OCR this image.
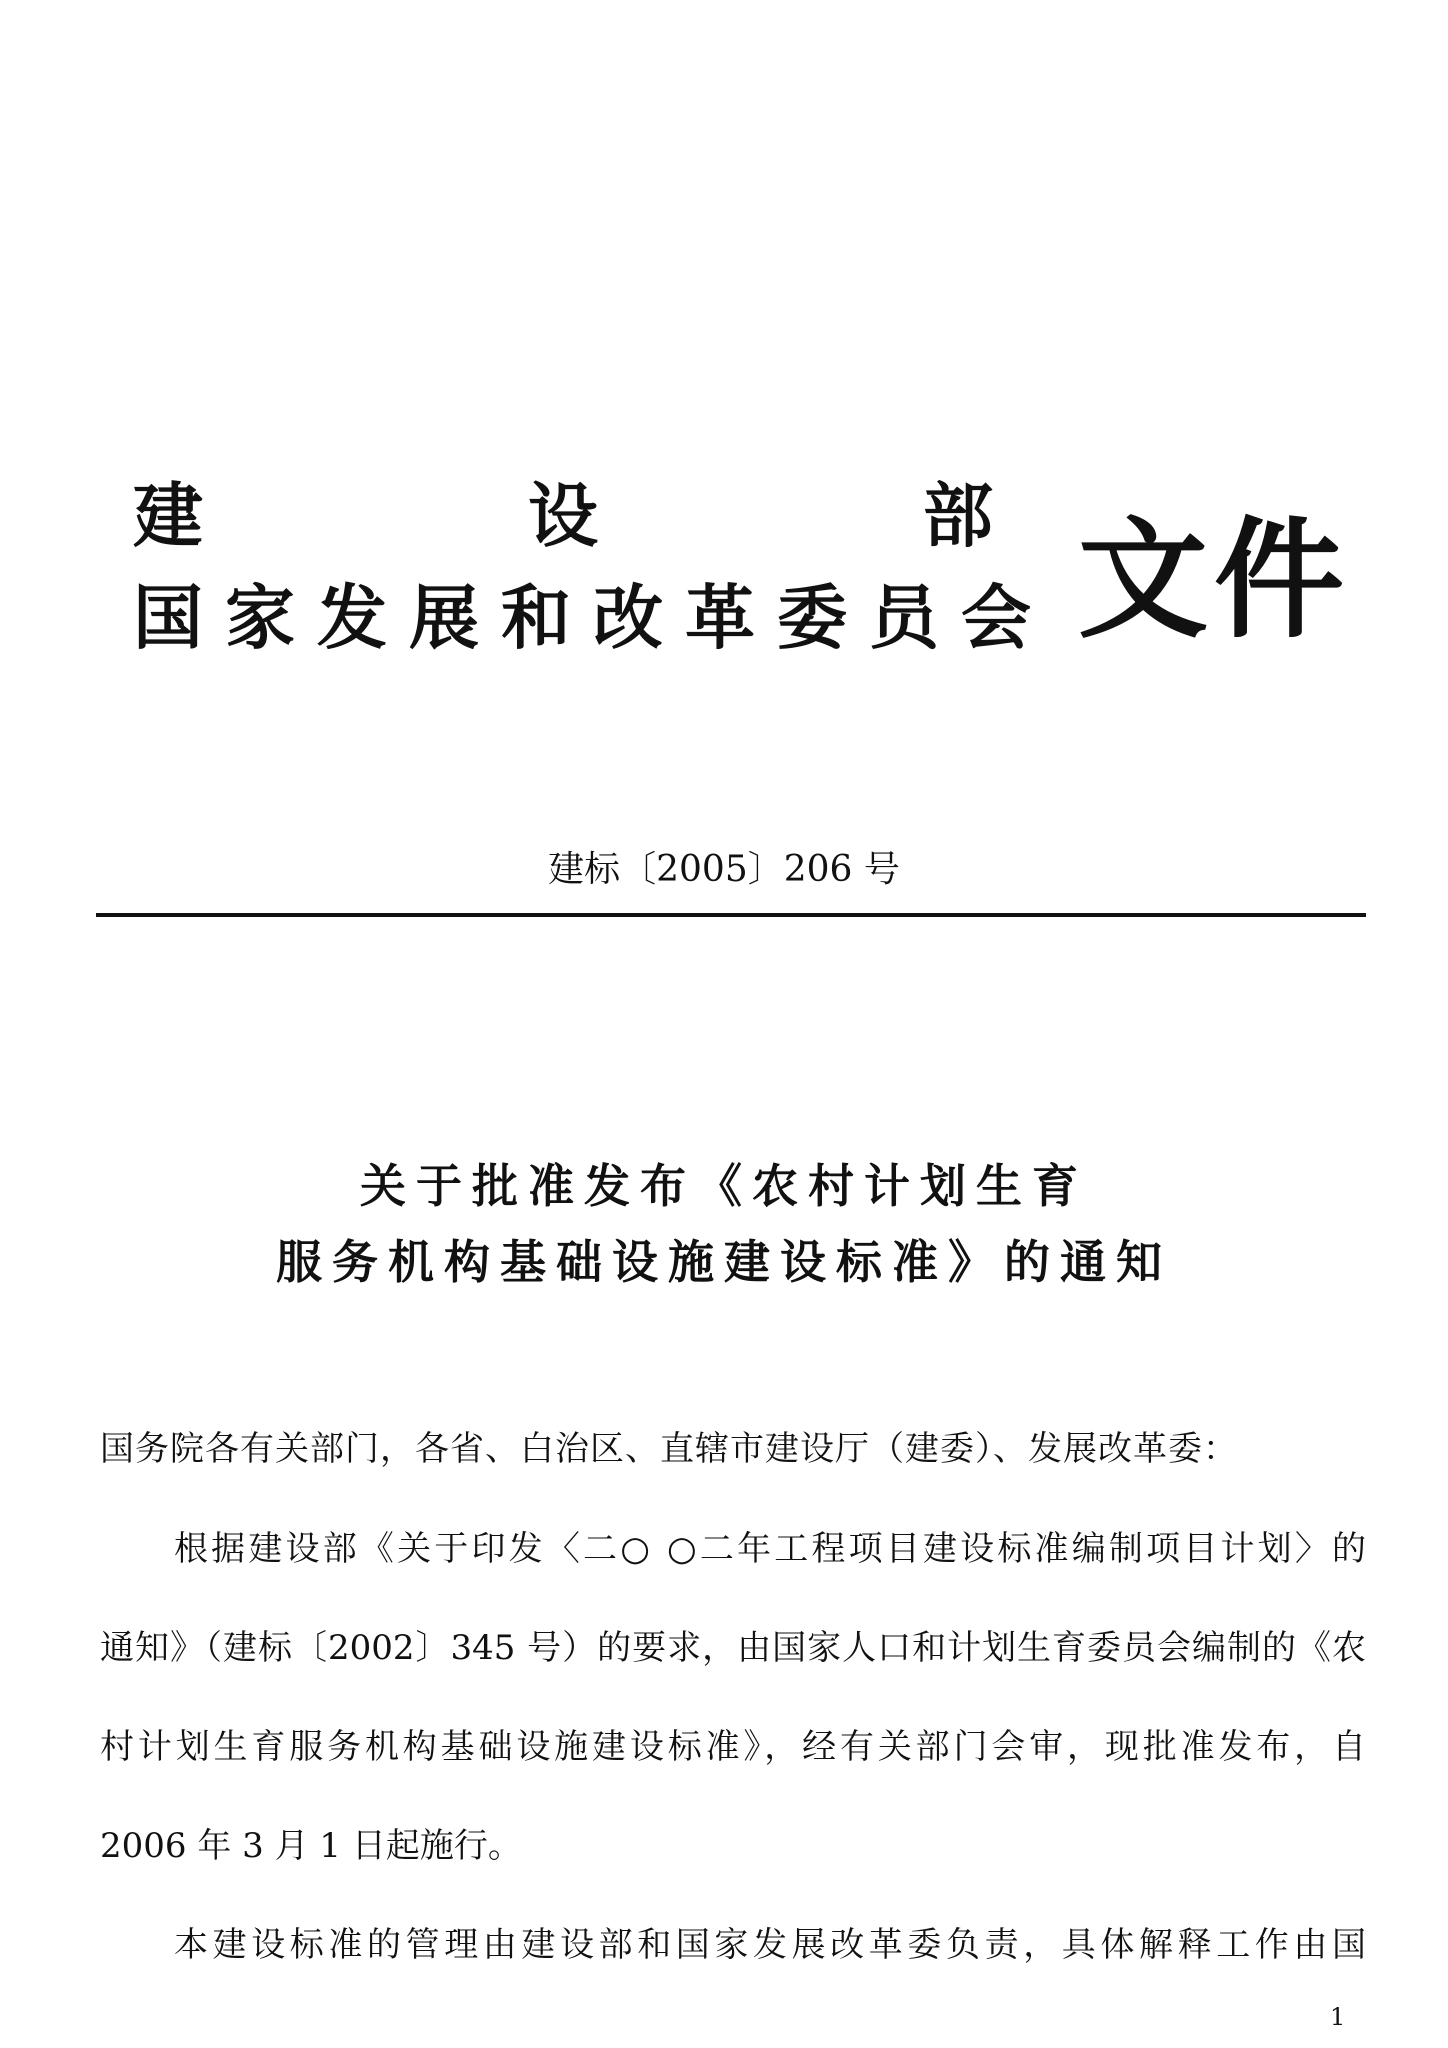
建	设	部
国家发展和改革委员会 文件
建标〔2005〕206 号
关于批准发布《农村计划生育
服务机构基础设施建设标准》的通知
国务院各有关部门，各省、白治区、直辖市建设厅（建委）、发展改革委：
根据建设部《关于印发〈二○ ○二年工程项目建设标准编制项目计划〉的
通知》（建标〔2002〕345 号）的要求，由国家人口和计划生育委员会编制的《农
村计划生育服务机构基础设施建设标准》，经有关部门会审，现批准发布，自
2006 年 3 月 1 日起施行。
本建设标准的管理由建设部和国家发展改革委负责，具体解释工作由国
1
